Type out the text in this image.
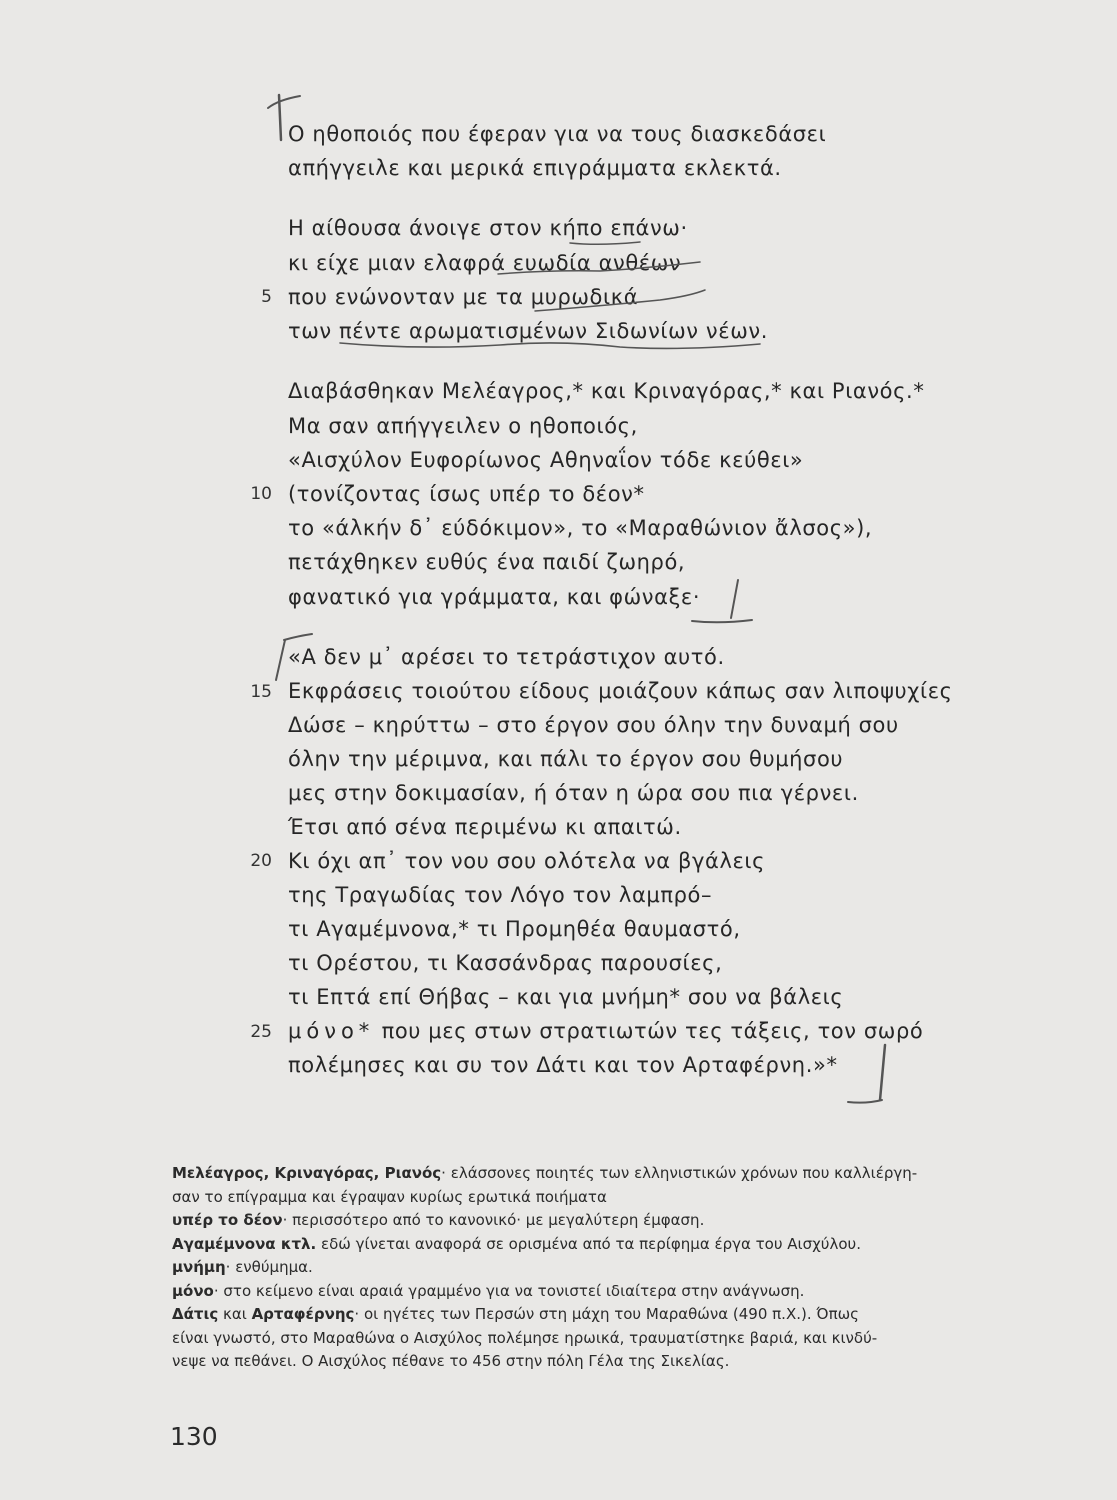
Ο ηθοποιός που έφεραν για να τους διασκεδάσει
απήγγειλε και μερικά επιγράμματα εκλεκτά.
Η αίθουσα άνοιγε στον κήπο επάνω·
κι είχε μιαν ελαφρά ευωδία ανθέων
5 που ενώνονταν με τα μυρωδικά
των πέντε αρωματισμένων Σιδωνίων νέων.
Διαβάσθηκαν Μελέαγρος,* και Κριναγόρας,* και Ριανός.*
Μα σαν απήγγειλεν ο ηθοποιός,
«Αισχύλον Ευφορίωνος Αθηναΐον τόδε κεύθει»
10 (τονίζοντας ίσως υπέρ το δέον*
το «άλκήν δ᾽ εύδόκιμον», το «Μαραθώνιον ἄλσος»),
πετάχθηκεν ευθύς ένα παιδί ζωηρό,
φανατικό για γράμματα, και φώναξε·
«Α δεν μ᾽ αρέσει το τετράστιχον αυτό.
15 Εκφράσεις τοιούτου είδους μοιάζουν κάπως σαν λιποψυχίες
Δώσε – κηρύττω – στο έργον σου όλην την δυναμή σου
όλην την μέριμνα, και πάλι το έργον σου θυμήσου
μες στην δοκιμασίαν, ή όταν η ώρα σου πια γέρνει.
Έτσι από σένα περιμένω κι απαιτώ.
20 Κι όχι απ᾽ τον νου σου ολότελα να βγάλεις
της Τραγωδίας τον Λόγο τον λαμπρό–
τι Αγαμέμνονα,* τι Προμηθέα θαυμαστό,
τι Ορέστου, τι Κασσάνδρας παρουσίες,
τι Επτά επί Θήβας – και για μνήμη* σου να βάλεις
25 μόνο* που μες στων στρατιωτών τες τάξεις, τον σωρό
πολέμησες και συ τον Δάτι και τον Αρταφέρνη.»*

Μελέαγρος, Κριναγόρας, Ριανός· ελάσσονες ποιητές των ελληνιστικών χρόνων που καλλιέργη-

σαν το επίγραμμα και έγραψαν κυρίως ερωτικά ποιήματα

υπέρ το δέον· περισσότερο από το κανονικό· με μεγαλύτερη έμφαση.

Αγαμέμνονα κτλ. εδώ γίνεται αναφορά σε ορισμένα από τα περίφημα έργα του Αισχύλου.

μνήμη· ενθύμημα.

μόνο· στο κείμενο είναι αραιά γραμμένο για να τονιστεί ιδιαίτερα στην ανάγνωση.

Δάτις και Αρταφέρνης· οι ηγέτες των Περσών στη μάχη του Μαραθώνα (490 π.Χ.). Όπως

είναι γνωστό, στο Μαραθώνα ο Αισχύλος πολέμησε ηρωικά, τραυματίστηκε βαριά, και κινδύ-

νεψε να πεθάνει. Ο Αισχύλος πέθανε το 456 στην πόλη Γέλα της Σικελίας.

130
